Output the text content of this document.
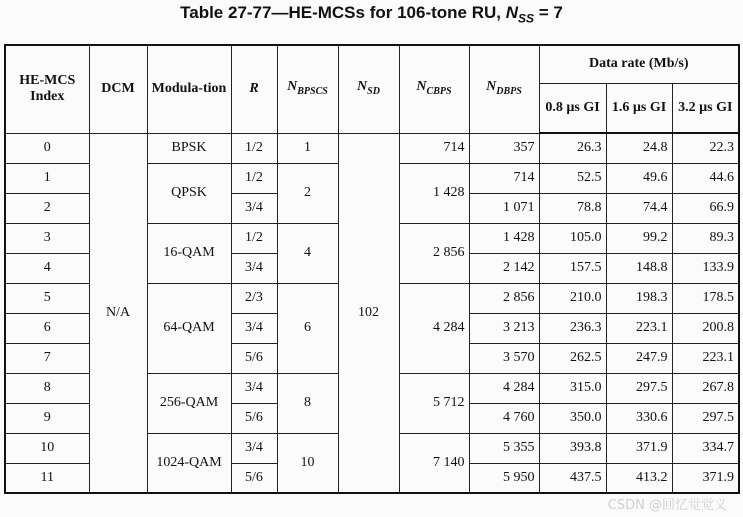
Table 27-77—HE-MCSs for 106-tone RU, $N_{SS} = 7$
HE-MCS Index	DCM	Modula-tion	R	$N_{BPSCS}$	$N_{SD}$	$N_{CBPS}$	$N_{DBPS}$	Data rate (Mb/s)		
								0.8 µs GI	1.6 µs GI	3.2 µs GI
0	N/A	BPSK	1/2	1	102	714	357	26.3	24.8	22.3
1		QPSK	1/2	2		1 428	714	52.5	49.6	44.6
2			3/4				1 071	78.8	74.4	66.9
3		16-QAM	1/2	4		2 856	1 428	105.0	99.2	89.3
4			3/4				2 142	157.5	148.8	133.9
5		64-QAM	2/3	6		4 284	2 856	210.0	198.3	178.5
6			3/4				3 213	236.3	223.1	200.8
7			5/6				3 570	262.5	247.9	223.1
8		256-QAM	3/4	8		5 712	4 284	315.0	297.5	267.8
9			5/6				4 760	350.0	330.6	297.5
10		1024-QAM	3/4	10		7 140	5 355	393.8	371.9	334.7
11			5/6				5 950	437.5	413.2	371.9
CSDN @回忆觉觉义
